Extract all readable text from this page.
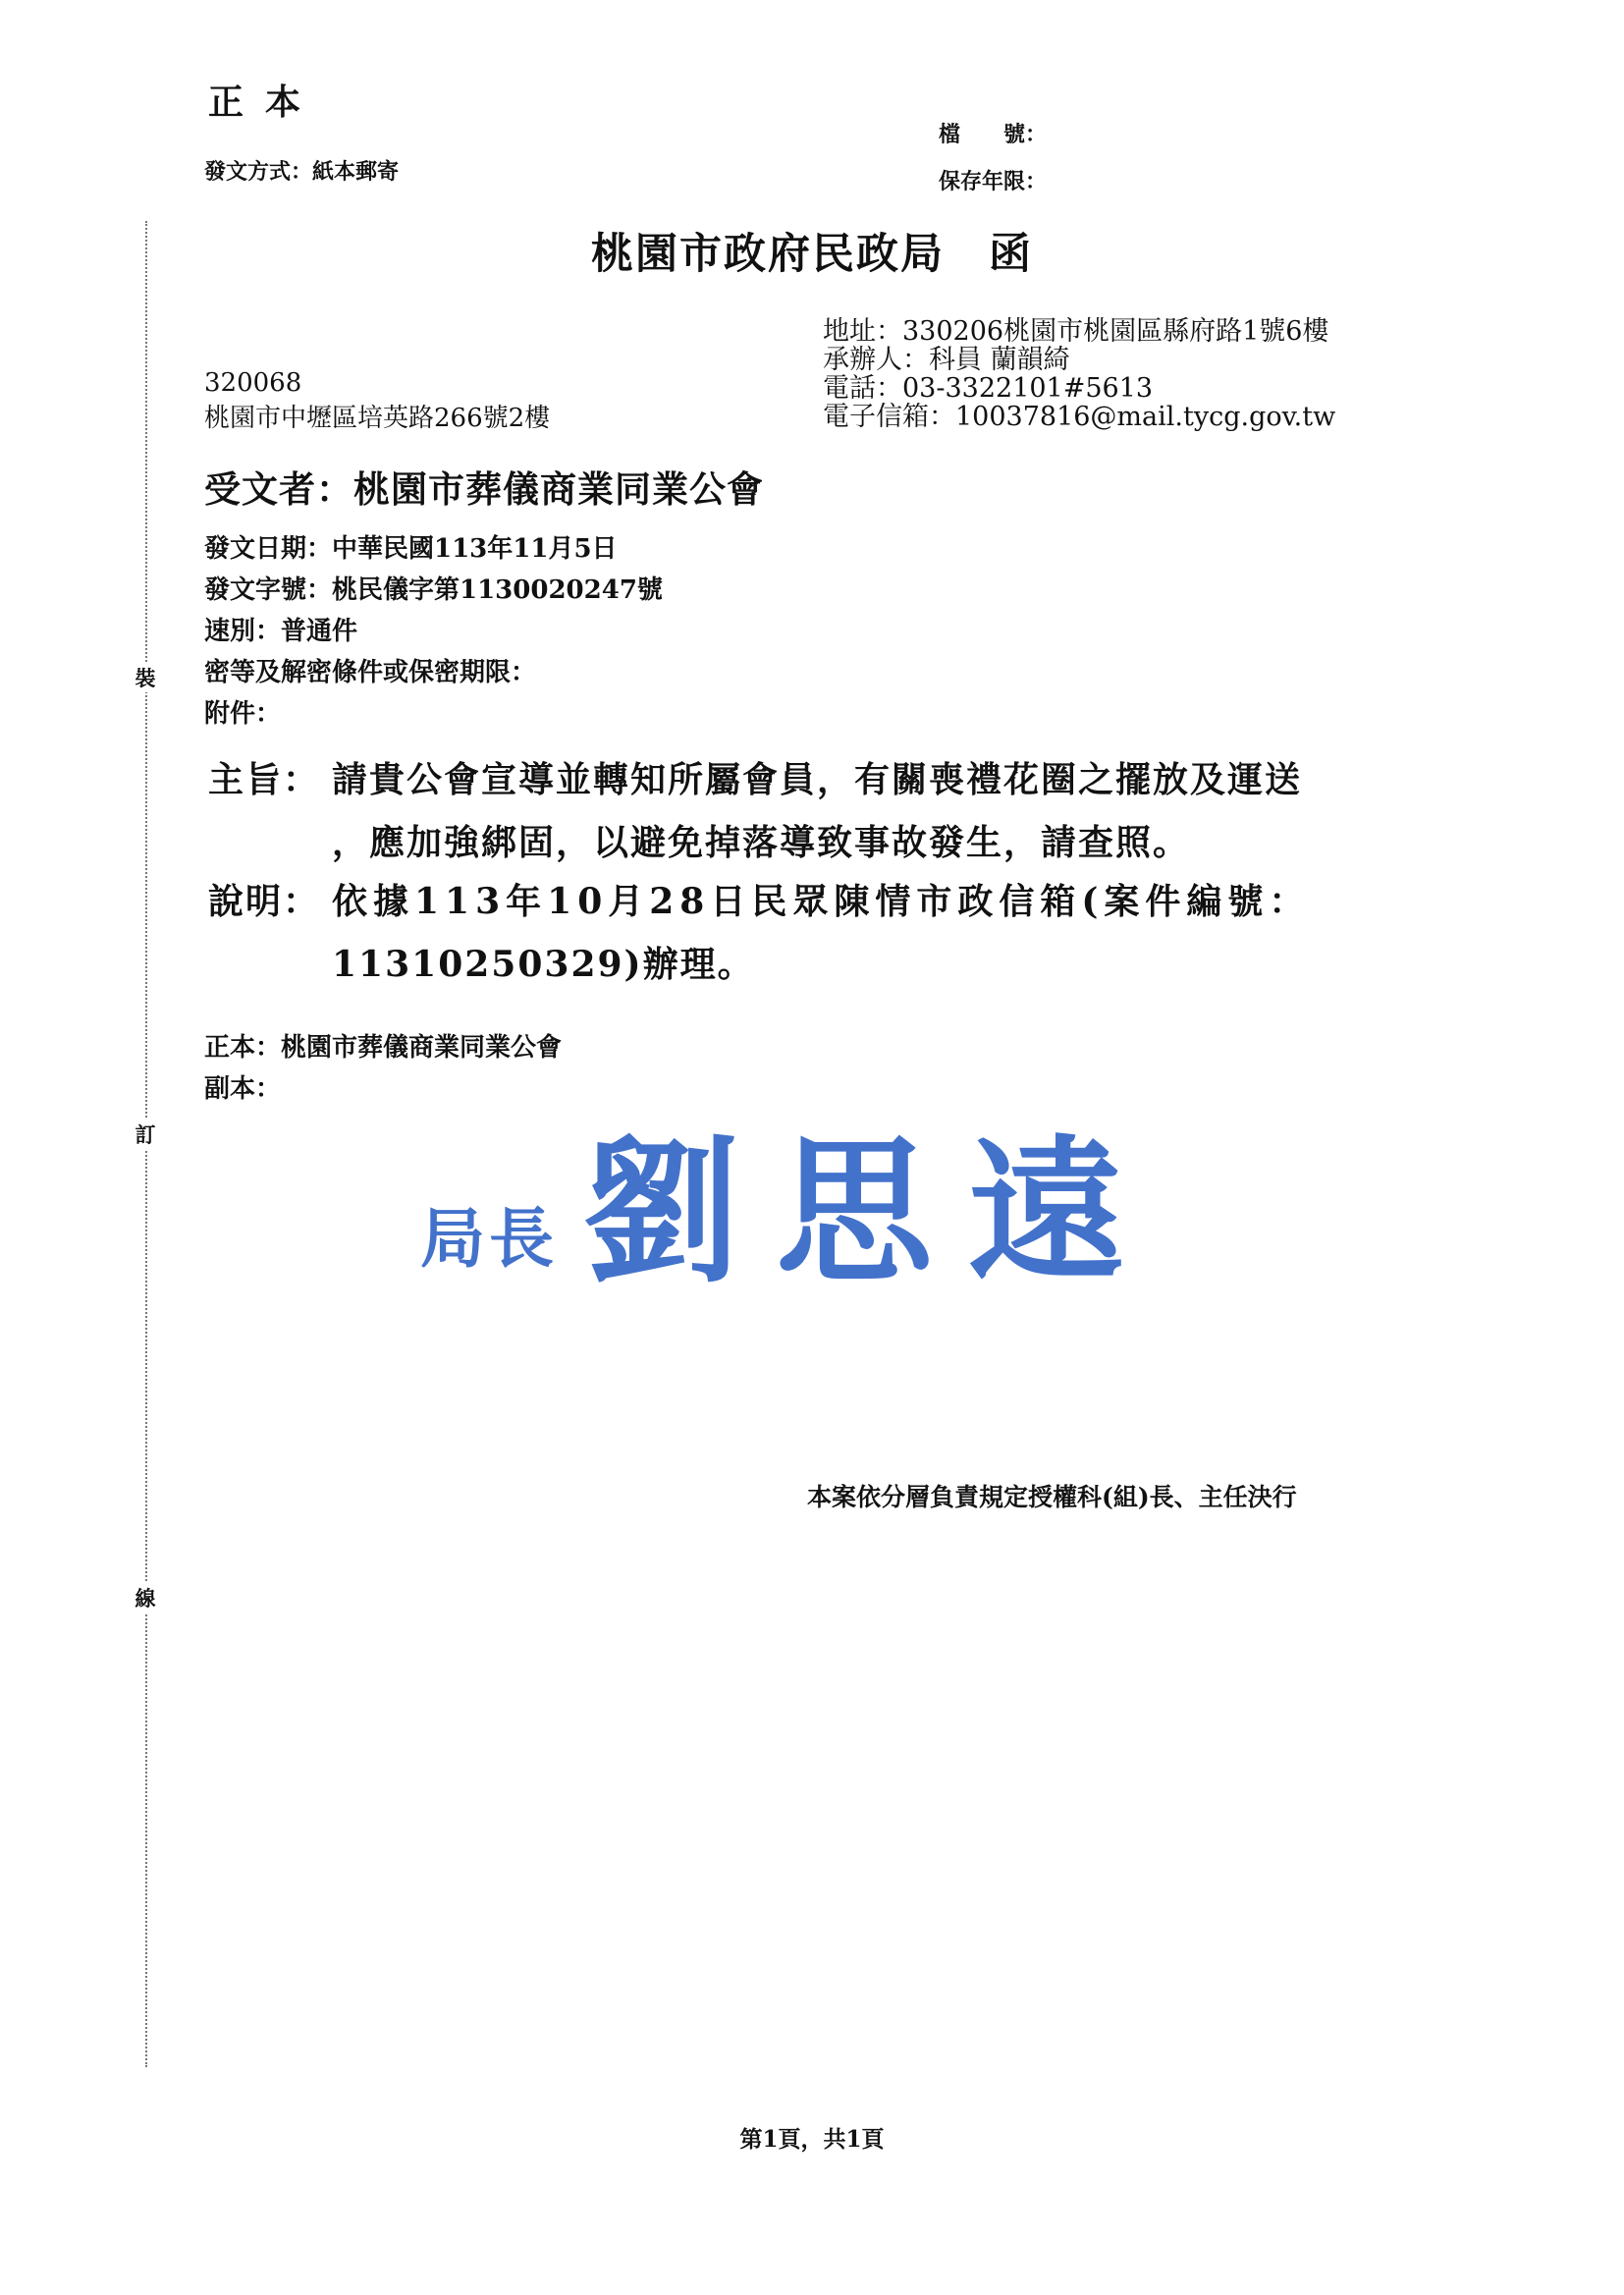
裝
訂
線
正本
檔　　號：
保存年限：
發文方式：紙本郵寄
桃園市政府民政局　函
地址：330206桃園市桃園區縣府路1號6樓
承辦人：科員 蘭韻綺
電話：03-3322101#5613
電子信箱：10037816@mail.tycg.gov.tw
320068
桃園市中壢區培英路266號2樓
受文者：桃園市葬儀商業同業公會
發文日期：中華民國113年11月5日
發文字號：桃民儀字第1130020247號
速別：普通件
密等及解密條件或保密期限：
附件：
主旨： 請貴公會宣導並轉知所屬會員，有關喪禮花圈之擺放及運送
，應加強綁固，以避免掉落導致事故發生，請查照。
說明： 依據113年10月28日民眾陳情市政信箱(案件編號：
11310250329)辦理。
正本：桃園市葬儀商業同業公會
副本：
局長 劉思遠
本案依分層負責規定授權科(組)長、主任決行
第1頁，共1頁
